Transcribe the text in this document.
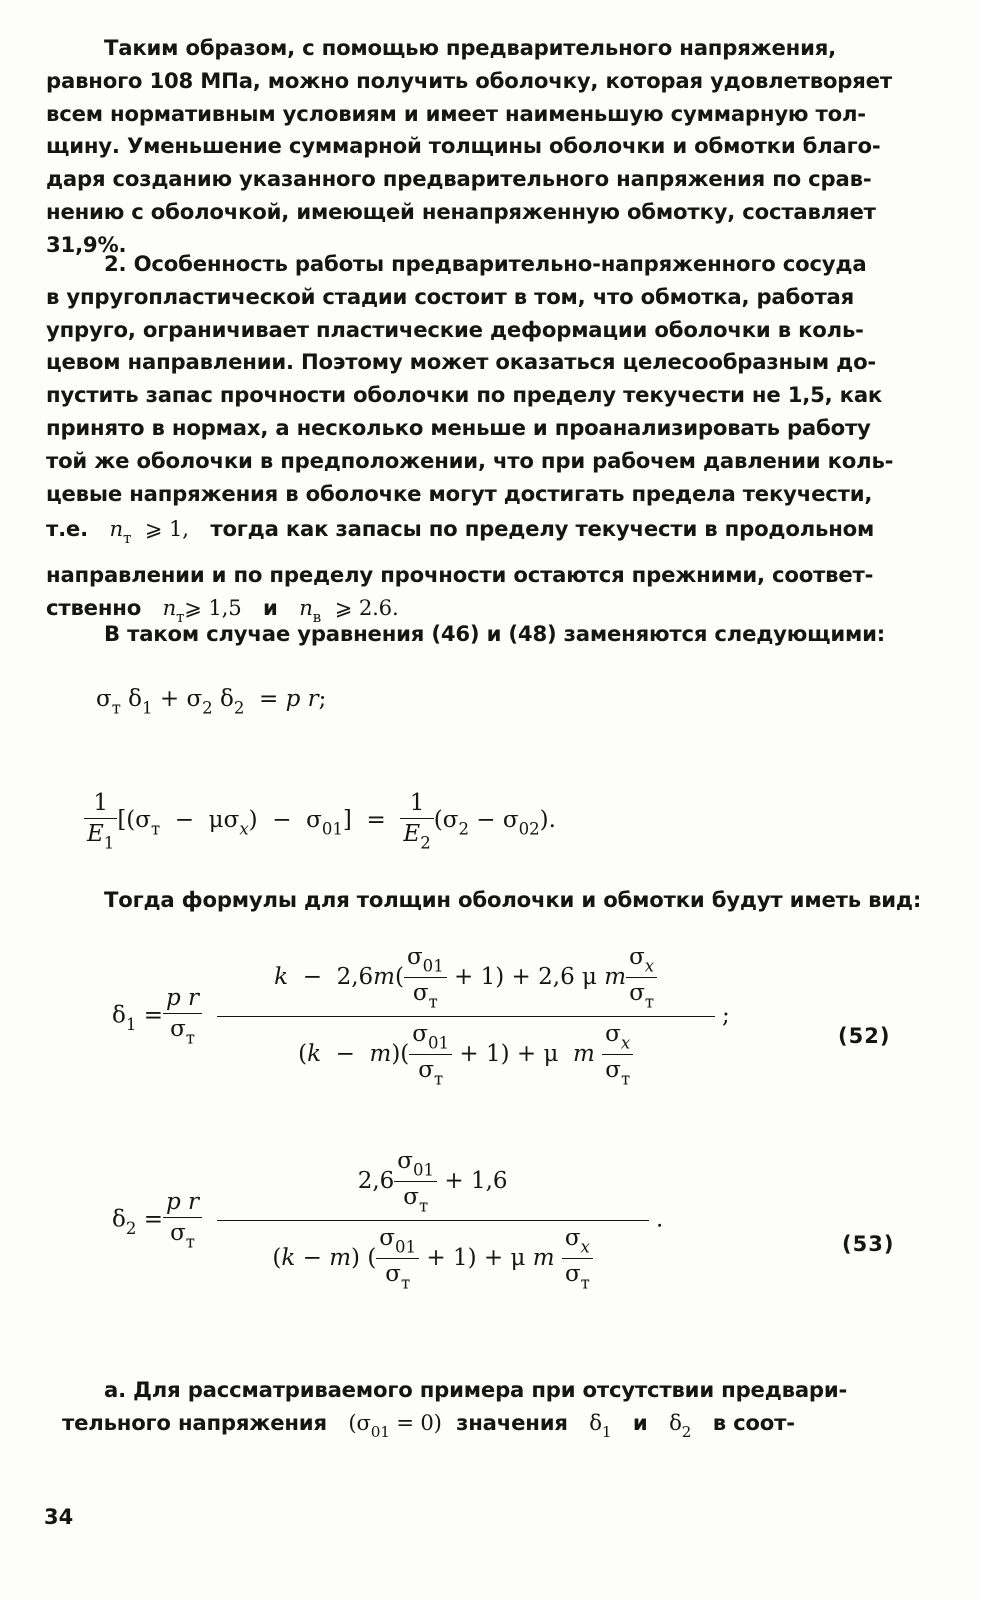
Таким образом, с помощью предварительного напряжения,
равного 108 МПа, можно получить оболочку, которая удовлетворяет
всем нормативным условиям и имеет наименьшую суммарную тол-
щину. Уменьшение суммарной толщины оболочки и обмотки благо-
даря созданию указанного предварительного напряжения по срав-
нению с оболочкой, имеющей ненапряженную обмотку, составляет
31,9%.
2. Особенность работы предварительно-напряженного сосуда
в упругопластической стадии состоит в том, что обмотка, работая
упруго, ограничивает пластические деформации оболочки в коль-
цевом направлении. Поэтому может оказаться целесообразным до-
пустить запас прочности оболочки по пределу текучести не 1,5, как
принято в нормах, а несколько меньше и проанализировать работу
той же оболочки в предположении, что при рабочем давлении коль-
цевые напряжения в оболочке могут достигать предела текучести,
т.е. $n_т$  ⩾ 1, тогда как запасы по пределу текучести в продольном
направлении и по пределу прочности остаются прежними, соответ-
ственно $n_т⩾$ 1,5 и $n_в$  ⩾ 2.6.
В таком случае уравнения (46) и (48) заменяются следующими:
$\sigma_т$ $\delta_1 + \sigma_2$ $\delta_2 = p$ r;
$\frac{1}{E_1} [(\sigma_т - \mu\sigma_x) - \sigma_{01}] = \frac{1}{E_2} (\sigma_2 - \sigma_{02})$.
Тогда формулы для толщин оболочки и обмотки будут иметь вид:
$\delta_1 = \frac{\text{p r}}{\sigma_т}$
$\frac{k - 2,6m( \frac{\sigma_{01}}{\sigma_т} + 1) + 2,6 \mu m \frac{\sigma_x}{\sigma_т}}{(k - m)( \frac{\sigma_{01}}{\sigma_т} + 1) + \mu m \frac{\sigma_x}{\sigma_т}}$ ;
(52)
$\delta_2 = \frac{\text{p r}}{\sigma_т}$
$\frac{2,6 \frac{\sigma_{01}}{\sigma_т} + 1,6}{(k - m) ( \frac{\sigma_{01}}{\sigma_т} + 1) + \mu m \frac{\sigma_x}{\sigma_т}}$ .
(53)
а. Для рассматриваемого примера при отсутствии предвари-
тельного напряжения $(\sigma_{01} = 0)$ значения $\delta_1$ и $\delta_2$ в соот-
34
